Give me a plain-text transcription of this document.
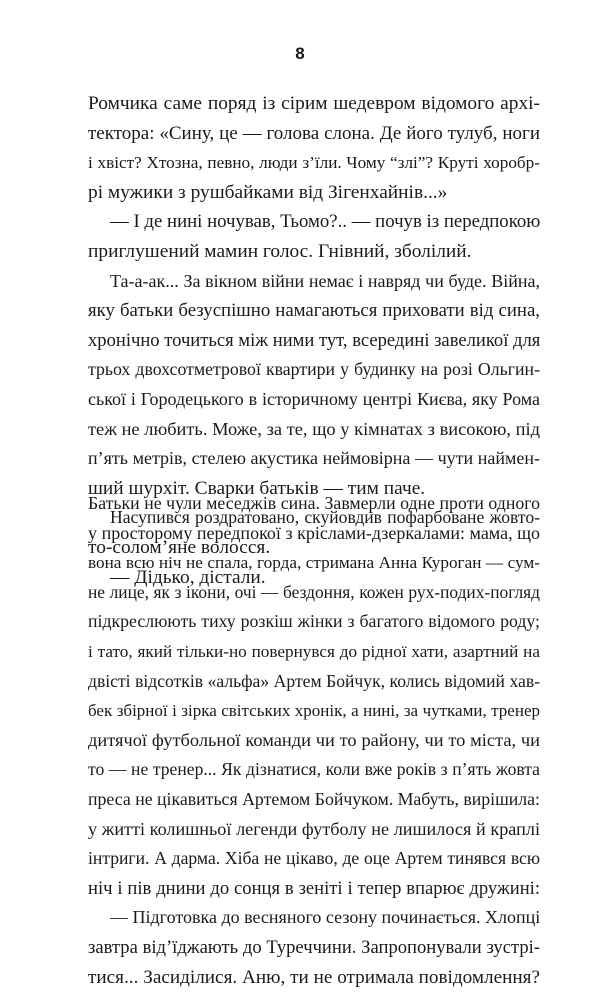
8
Ромчика саме поряд із сірим шедевром відомого архі-
тектора: «Сину, це — голова слона. Де його тулуб, ноги
і хвіст? Хтозна, певно, люди з’їли. Чому “злі”? Круті хоробр-
рі мужики з рушбайками від Зігенхайнів...»
— І де нині ночував, Тьомо?.. — почув із передпокою
приглушений мамин голос. Гнівний, зболілий.
Та-а-ак... За вікном війни немає і навряд чи буде. Війна,
яку батьки безуспішно намагаються приховати від сина,
хронічно точиться між ними тут, всередині завеликої для
трьох двохсотметрової квартири у будинку на розі Ольгин-
ської і Городецького в історичному центрі Києва, яку Рома
теж не любить. Може, за те, що у кімнатах з високою, під
п’ять метрів, стелею акустика неймовірна — чути наймен-
ший шурхіт. Сварки батьків — тим паче.
Насупився роздратовано, скуйовдив пофарбоване жовто-
то-солом’яне волосся.
— Дідько, дістали.
Батьки не чули меседжів сина. Завмерли одне проти одного
у просторому передпокої з кріслами-дзеркалами: мама, що
вона всю ніч не спала, горда, стримана Анна Куроган — сум-
не лице, як з ікони, очі — бездоння, кожен рух-подих-погляд
підкреслюють тиху розкіш жінки з багатого відомого роду;
і тато, який тільки-но повернувся до рідної хати, азартний на
двісті відсотків «альфа» Артем Бойчук, колись відомий хав-
бек збірної і зірка світських хронік, а нині, за чутками, тренер
дитячої футбольної команди чи то району, чи то міста, чи
то — не тренер... Як дізнатися, коли вже років з п’ять жовта
преса не цікавиться Артемом Бойчуком. Мабуть, вирішила:
у житті колишньої легенди футболу не лишилося й краплі
інтриги. А дарма. Хіба не цікаво, де оце Артем тинявся всю
ніч і пів днини до сонця в зеніті і тепер впарює дружині:
— Підготовка до весняного сезону починається. Хлопці
завтра від’їджають до Туреччини. Запропонували зустрі-
тися... Засиділися. Аню, ти не отримала повідомлення?
